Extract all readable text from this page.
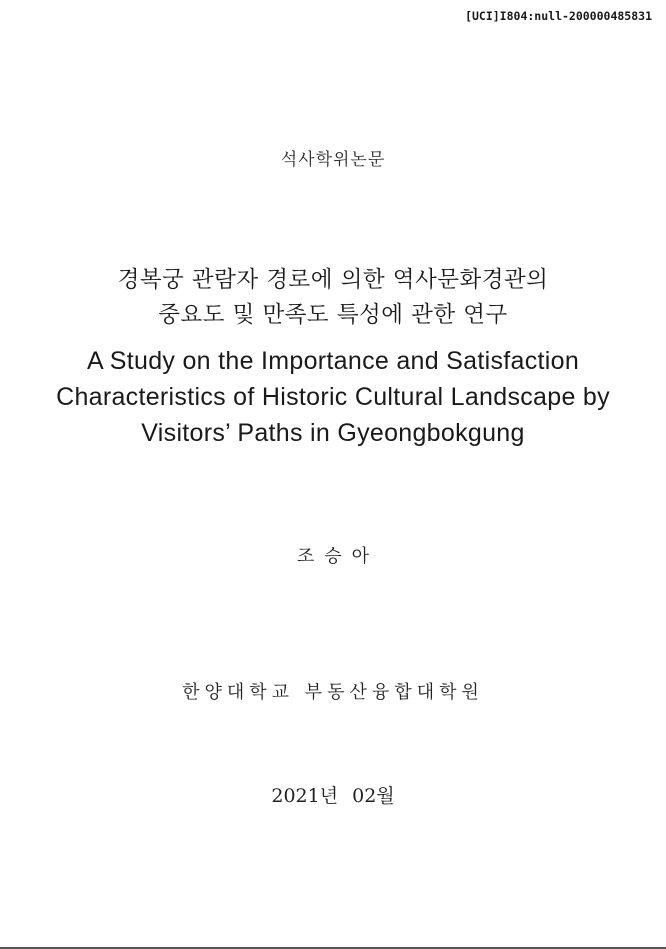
[UCI]I804:null-200000485831
석사학위논문
경복궁 관람자 경로에 의한 역사문화경관의
중요도 및 만족도 특성에 관한 연구
A Study on the Importance and Satisfaction
Characteristics of Historic Cultural Landscape by
Visitors’ Paths in Gyeongbokgung
조승아
한양대학교 부동산융합대학원
2021년 02월
